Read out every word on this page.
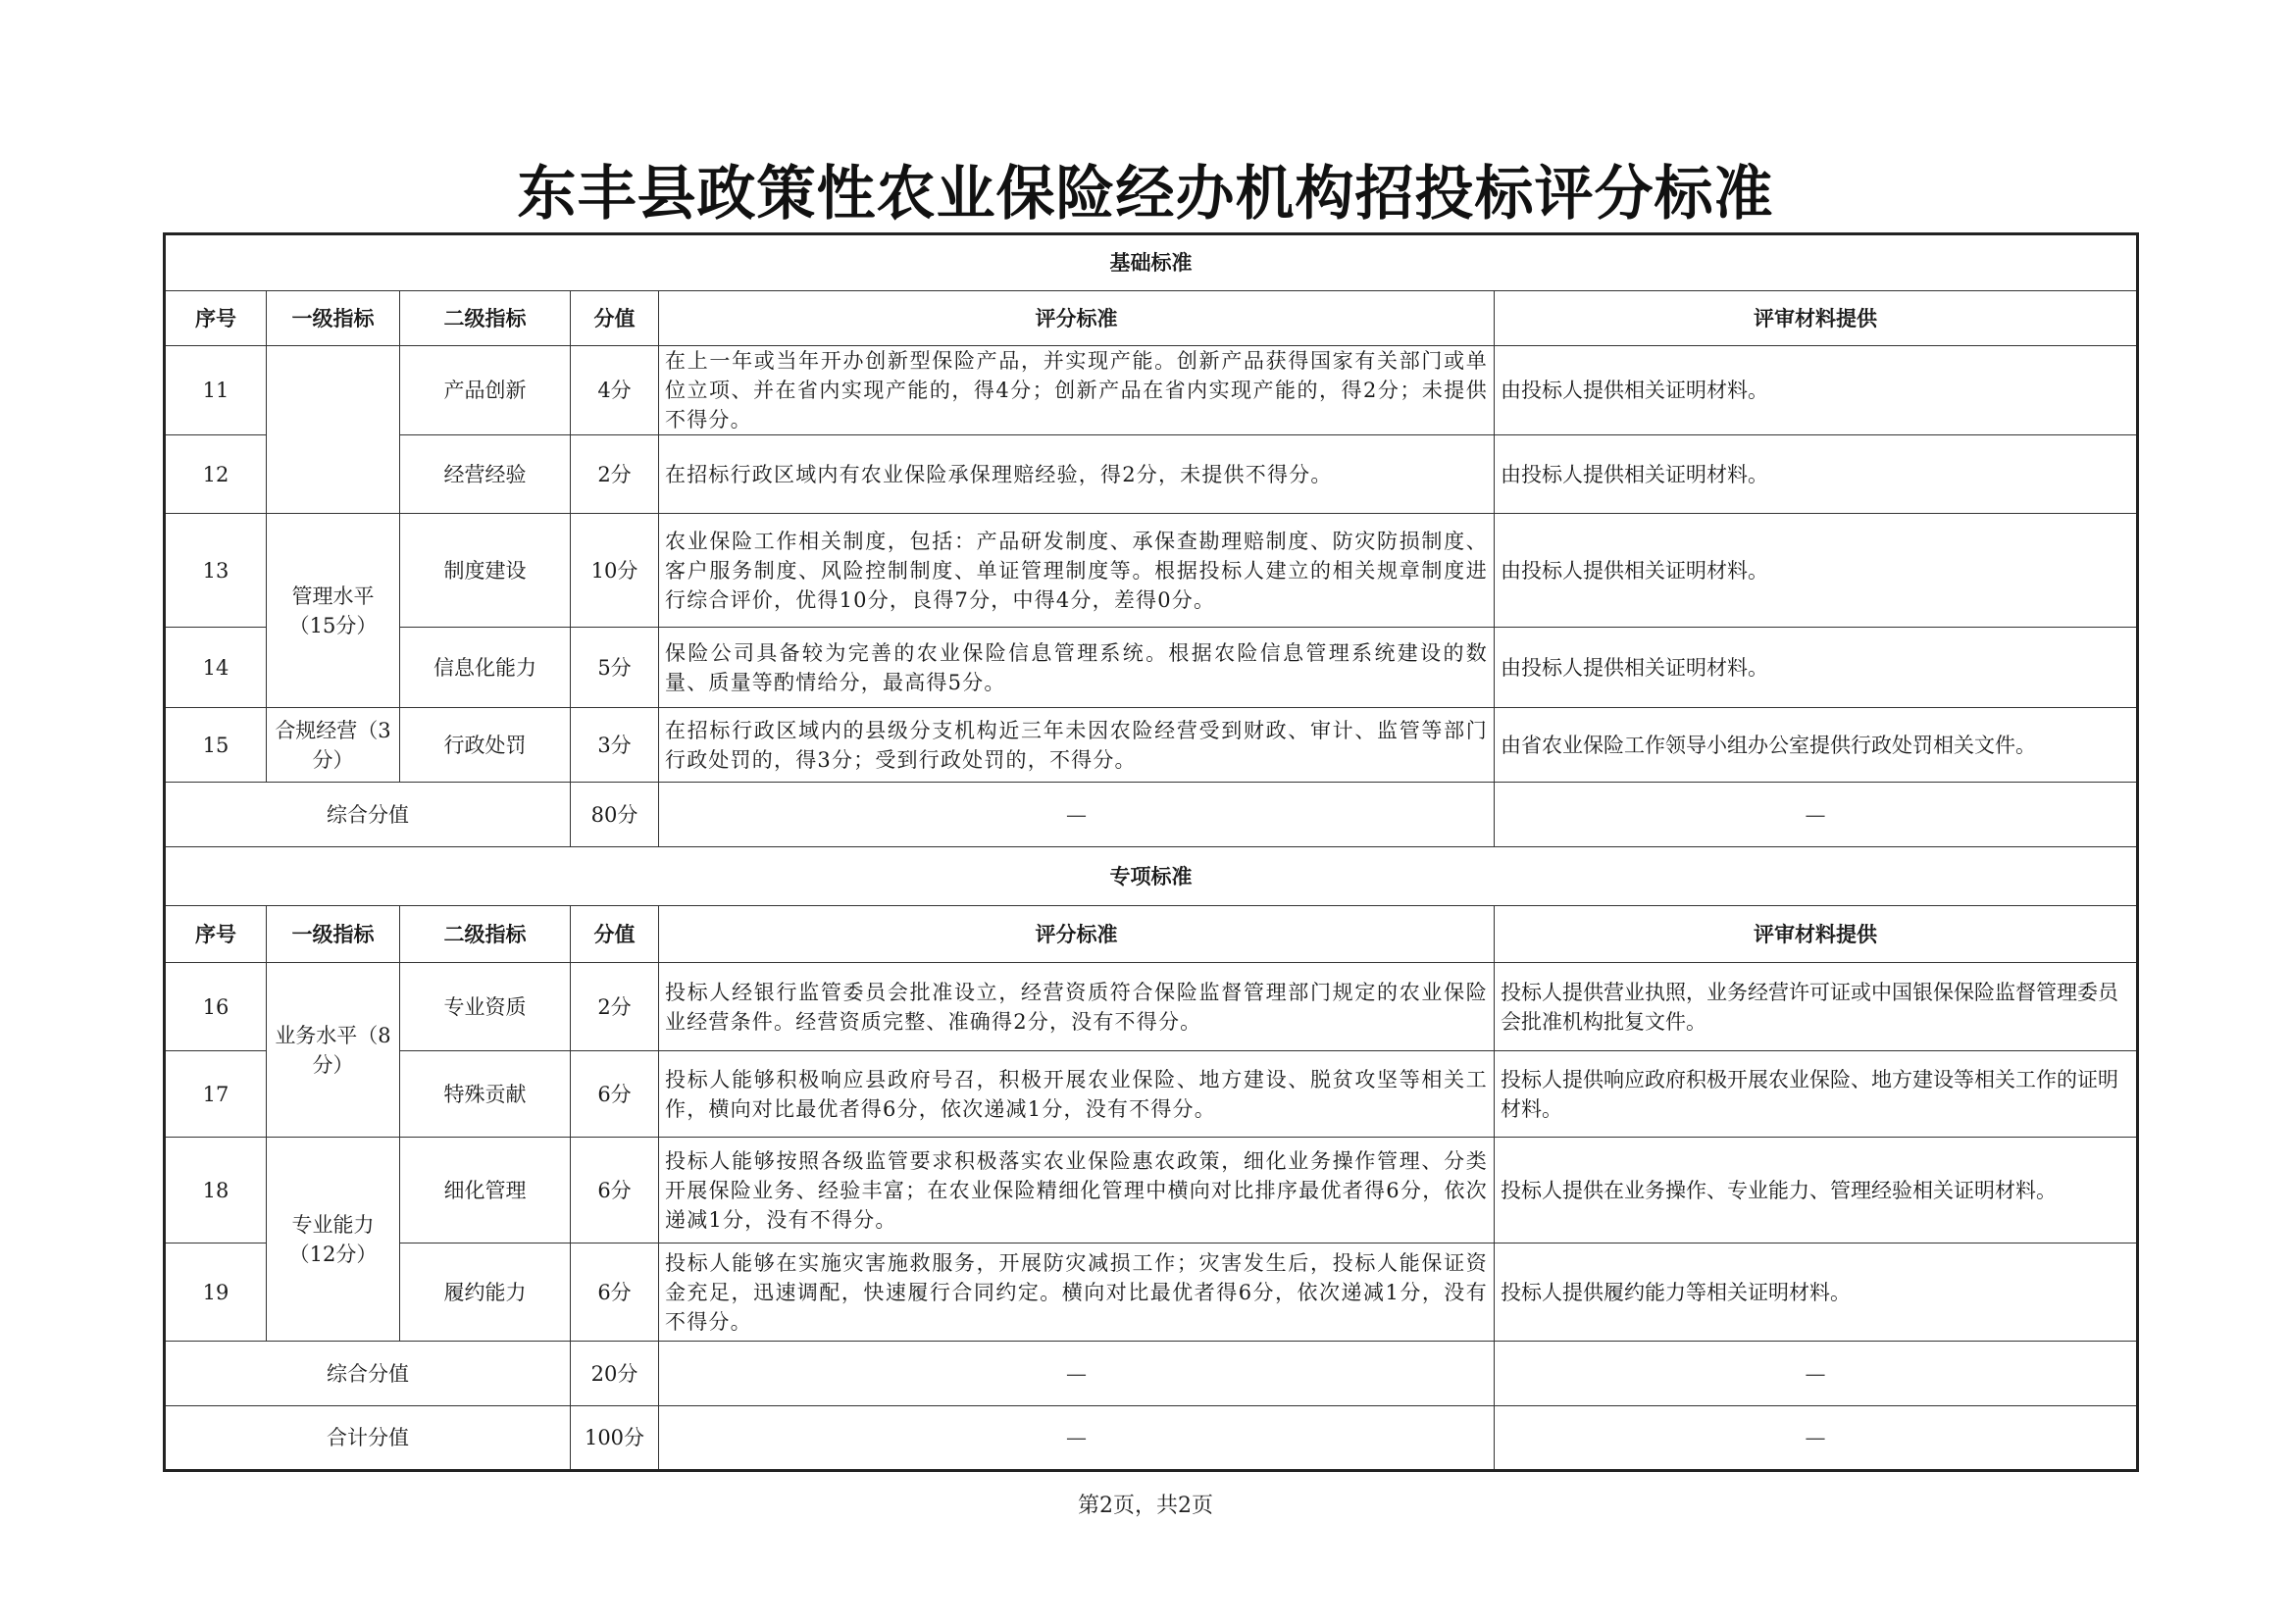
东丰县政策性农业保险经办机构招投标评分标准
基础标准					
序号	一级指标	二级指标	分值	评分标准	评审材料提供
11		产品创新	4分	在上一年或当年开办创新型保险产品，并实现产能。创新产品获得国家有关部门或单位立项、并在省内实现产能的，得4分；创新产品在省内实现产能的，得2分；未提供不得分。	由投标人提供相关证明材料。
12		经营经验	2分	在招标行政区域内有农业保险承保理赔经验，得2分，未提供不得分。	由投标人提供相关证明材料。
13	管理水平（15分）	制度建设	10分	农业保险工作相关制度，包括：产品研发制度、承保查勘理赔制度、防灾防损制度、客户服务制度、风险控制制度、单证管理制度等。根据投标人建立的相关规章制度进行综合评价，优得10分，良得7分，中得4分，差得0分。	由投标人提供相关证明材料。
14		信息化能力	5分	保险公司具备较为完善的农业保险信息管理系统。根据农险信息管理系统建设的数量、质量等酌情给分，最高得5分。	由投标人提供相关证明材料。
15	合规经营（3分）	行政处罚	3分	在招标行政区域内的县级分支机构近三年未因农险经营受到财政、审计、监管等部门行政处罚的，得3分；受到行政处罚的，不得分。	由省农业保险工作领导小组办公室提供行政处罚相关文件。
综合分值			80分	—	—
专项标准					
序号	一级指标	二级指标	分值	评分标准	评审材料提供
16	业务水平（8分）	专业资质	2分	投标人经银行监管委员会批准设立，经营资质符合保险监督管理部门规定的农业保险业经营条件。经营资质完整、准确得2分，没有不得分。	投标人提供营业执照，业务经营许可证或中国银保保险监督管理委员会批准机构批复文件。
17		特殊贡献	6分	投标人能够积极响应县政府号召，积极开展农业保险、地方建设、脱贫攻坚等相关工作，横向对比最优者得6分，依次递减1分，没有不得分。	投标人提供响应政府积极开展农业保险、地方建设等相关工作的证明材料。
18	专业能力（12分）	细化管理	6分	投标人能够按照各级监管要求积极落实农业保险惠农政策，细化业务操作管理、分类开展保险业务、经验丰富；在农业保险精细化管理中横向对比排序最优者得6分，依次递减1分，没有不得分。	投标人提供在业务操作、专业能力、管理经验相关证明材料。
19		履约能力	6分	投标人能够在实施灾害施救服务，开展防灾减损工作；灾害发生后，投标人能保证资金充足，迅速调配，快速履行合同约定。横向对比最优者得6分，依次递减1分，没有不得分。	投标人提供履约能力等相关证明材料。
综合分值			20分	—	—
合计分值			100分	—	—
第2页，共2页
